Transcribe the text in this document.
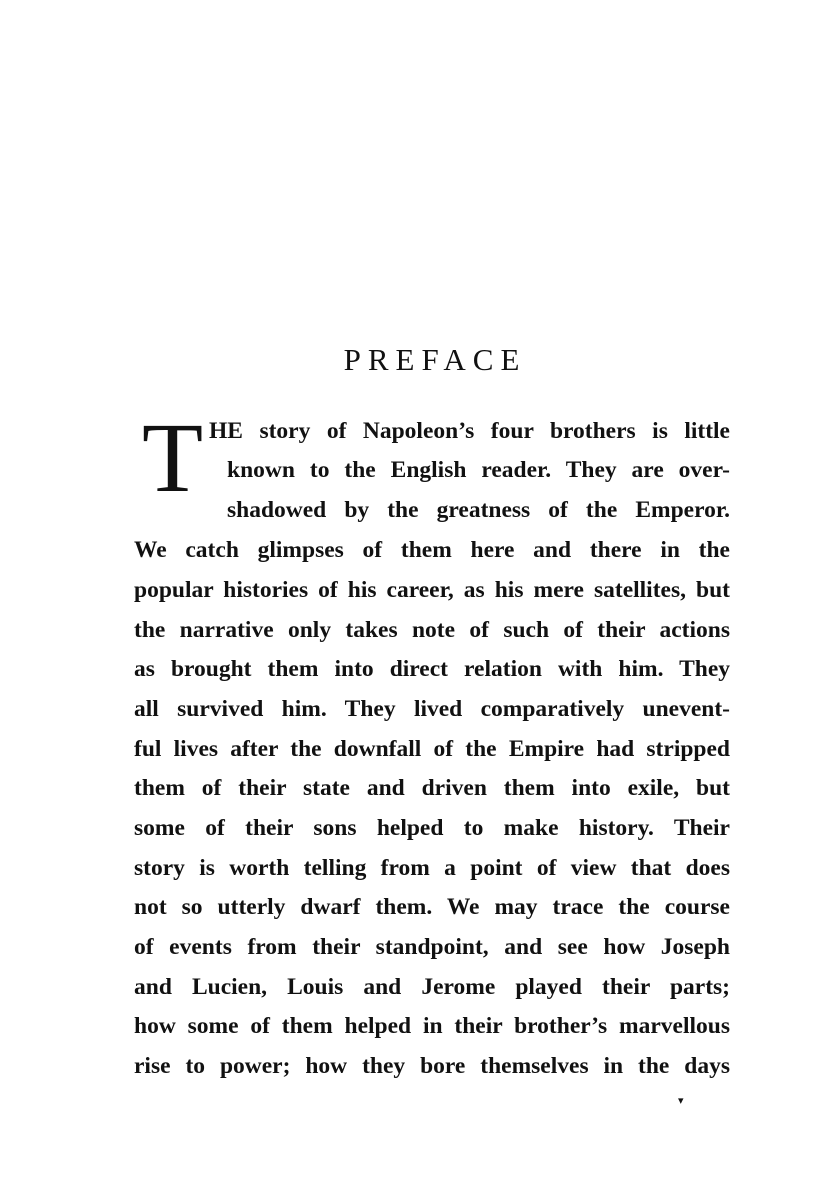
PREFACE
T HE story of Napoleon’s four brothers is little
known to the English reader. They are over-
shadowed by the greatness of the Emperor.
We catch glimpses of them here and there in the
popular histories of his career, as his mere satellites, but
the narrative only takes note of such of their actions
as brought them into direct relation with him. They
all survived him. They lived comparatively unevent-
ful lives after the downfall of the Empire had stripped
them of their state and driven them into exile, but
some of their sons helped to make history. Their
story is worth telling from a point of view that does
not so utterly dwarf them. We may trace the course
of events from their standpoint, and see how Joseph
and Lucien, Louis and Jerome played their parts;
how some of them helped in their brother’s marvellous
rise to power; how they bore themselves in the days
▾
